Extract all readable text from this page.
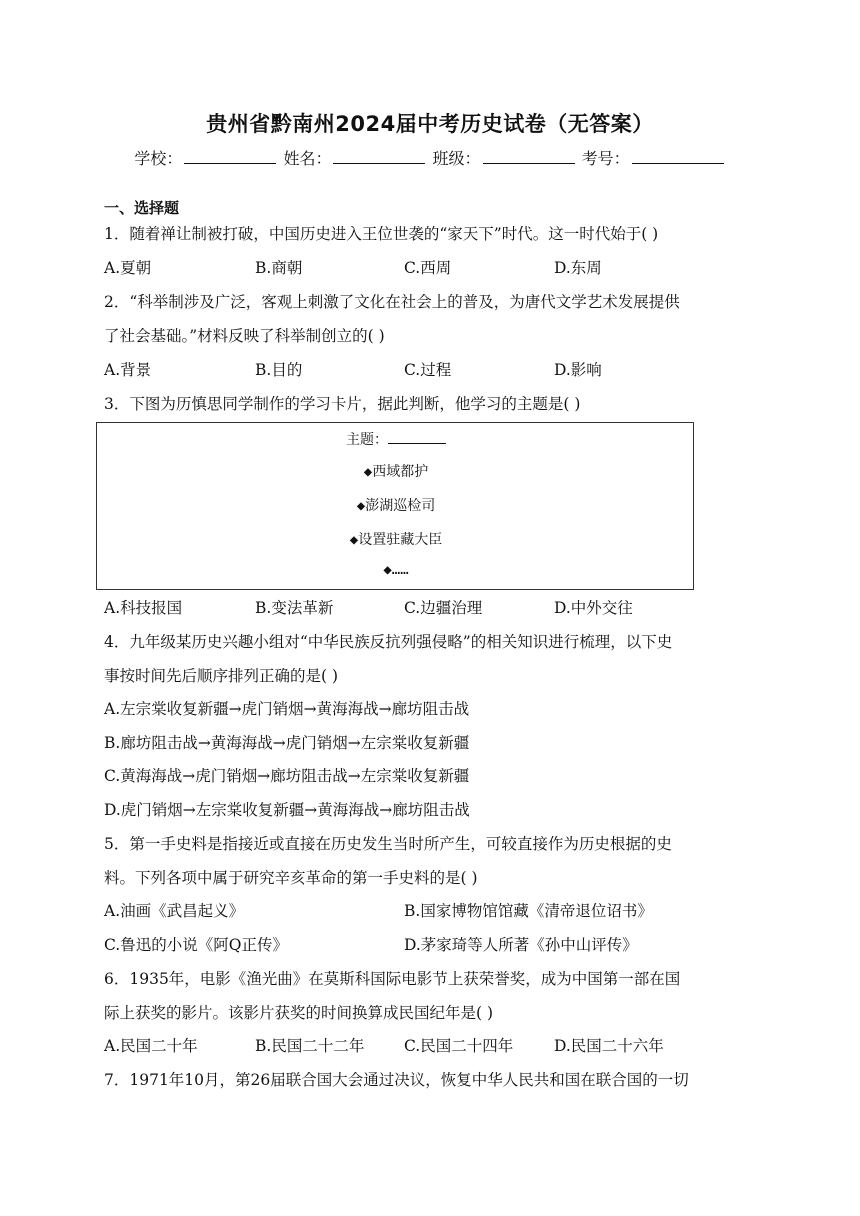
贵州省黔南州2024届中考历史试卷（无答案）
学校：	姓名：	班级：	考号：
一、选择题
1．随着禅让制被打破，中国历史进入王位世袭的“家天下”时代。这一时代始于( )
A.夏朝	B.商朝	C.西周	D.东周
2．“科举制涉及广泛，客观上刺激了文化在社会上的普及，为唐代文学艺术发展提供
了社会基础。”材料反映了科举制创立的( )
A.背景	B.目的	C.过程	D.影响
3．下图为历慎思同学制作的学习卡片，据此判断，他学习的主题是( )
主题：
◆西域都护
◆澎湖巡检司
◆设置驻藏大臣
◆……
A.科技报国	B.变法革新	C.边疆治理	D.中外交往
4．九年级某历史兴趣小组对“中华民族反抗列强侵略”的相关知识进行梳理，以下史
事按时间先后顺序排列正确的是( )
A.左宗棠收复新疆→虎门销烟→黄海海战→廊坊阻击战
B.廊坊阻击战→黄海海战→虎门销烟→左宗棠收复新疆
C.黄海海战→虎门销烟→廊坊阻击战→左宗棠收复新疆
D.虎门销烟→左宗棠收复新疆→黄海海战→廊坊阻击战
5．第一手史料是指接近或直接在历史发生当时所产生，可较直接作为历史根据的史
料。下列各项中属于研究辛亥革命的第一手史料的是( )
A.油画《武昌起义》	B.国家博物馆馆藏《清帝退位诏书》
C.鲁迅的小说《阿Q正传》	D.茅家琦等人所著《孙中山评传》
6．1935年，电影《渔光曲》在莫斯科国际电影节上获荣誉奖，成为中国第一部在国
际上获奖的影片。该影片获奖的时间换算成民国纪年是( )
A.民国二十年	B.民国二十二年	C.民国二十四年	D.民国二十六年
7．1971年10月，第26届联合国大会通过决议，恢复中华人民共和国在联合国的一切
